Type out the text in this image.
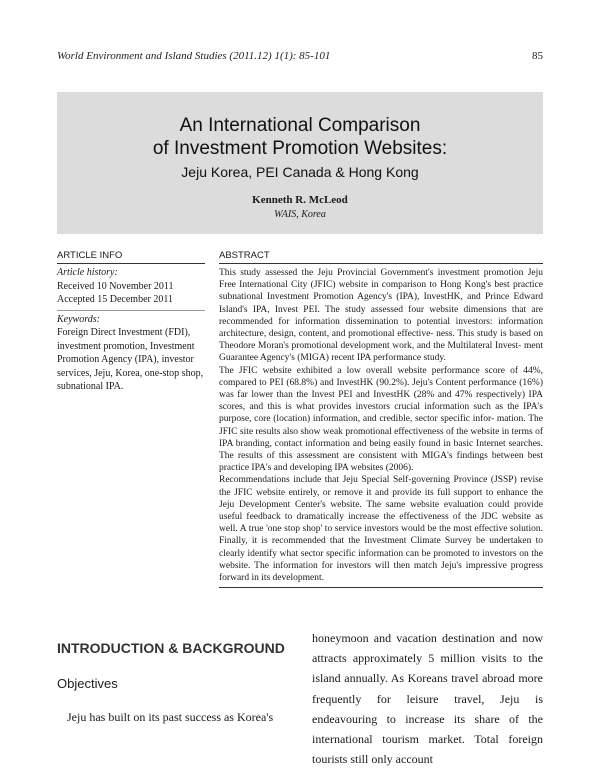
World Environment and Island Studies (2011.12) 1(1): 85-101	85
An International Comparison
of Investment Promotion Websites:
Jeju Korea, PEI Canada & Hong Kong
Kenneth R. McLeod
WAIS, Korea
ARTICLE INFO
Article history:
Received 10 November 2011
Accepted 15 December 2011
Keywords:
Foreign Direct Investment (FDI), investment promotion, Investment Promotion Agency (IPA), investor services, Jeju, Korea, one-stop shop, subnational IPA.
ABSTRACT

This study assessed the Jeju Provincial Government's investment promotion Jeju Free International City (JFIC) website in comparison to Hong Kong's best practice subnational Investment Promotion Agency's (IPA), InvestHK, and Prince Edward Island's IPA, Invest PEI. The study assessed four website dimensions that are recommended for information dissemination to potential investors: information architecture, design, content, and promotional effective- ness. This study is based on Theodore Moran's promotional development work, and the Multilateral Invest- ment Guarantee Agency's (MIGA) recent IPA performance study.

The JFIC website exhibited a low overall website performance score of 44%, compared to PEI (68.8%) and InvestHK (90.2%). Jeju's Content performance (16%) was far lower than the Invest PEI and InvestHK (28% and 47% respectively) IPA scores, and this is what provides investors crucial information such as the IPA's purpose, core (location) information, and credible, sector specific infor- mation. The JFIC site results also show weak promotional effectiveness of the website in terms of IPA branding, contact information and being easily found in basic Internet searches. The results of this assessment are consistent with MIGA's findings between best practice IPA's and developing IPA websites (2006).

Recommendations include that Jeju Special Self-governing Province (JSSP) revise the JFIC website entirely, or remove it and provide its full support to enhance the Jeju Development Center's website. The same website evaluation could provide useful feedback to dramatically increase the effectiveness of the JDC website as well. A true 'one stop shop' to service investors would be the most effective solution. Finally, it is recommended that the Investment Climate Survey be undertaken to clearly identify what sector specific information can be promoted to investors on the website. The information for investors will then match Jeju's impressive progress forward in its development.

INTRODUCTION & BACKGROUND
Objectives
Jeju has built on its past success as Korea's
honeymoon and vacation destination and now attracts approximately 5 million visits to the island annually. As Koreans travel abroad more frequently for leisure travel, Jeju is endeavouring to increase its share of the international tourism market. Total foreign tourists still only account
